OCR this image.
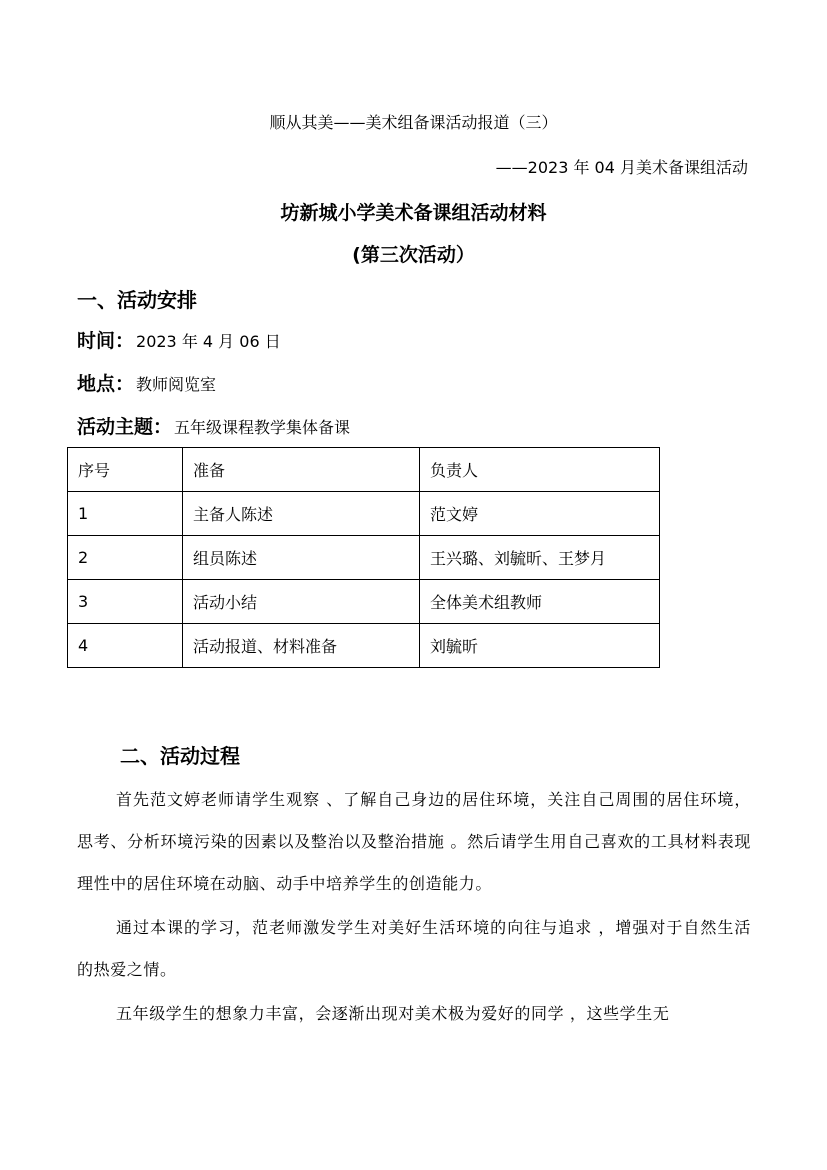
顺从其美——美术组备课活动报道（三）
——2023 年 04 月美术备课组活动
坊新城小学美术备课组活动材料
(第三次活动）
一、活动安排
时间： 2023 年 4 月 06 日
地点： 教师阅览室
活动主题： 五年级课程教学集体备课
序号	准备	负责人
1	主备人陈述	范文婷
2	组员陈述	王兴璐、刘毓昕、王梦月
3	活动小结	全体美术组教师
4	活动报道、材料准备	刘毓昕
二、活动过程
首先范文婷老师请学生观察 、了解自己身边的居住环境，关注自己周围的居住环境，思考、分析环境污染的因素以及整治以及整治措施 。然后请学生用自己喜欢的工具材料表现理性中的居住环境在动脑、动手中培养学生的创造能力。
通过本课的学习，范老师激发学生对美好生活环境的向往与追求 ，增强对于自然生活的热爱之情。
五年级学生的想象力丰富，会逐渐出现对美术极为爱好的同学 ，这些学生无
